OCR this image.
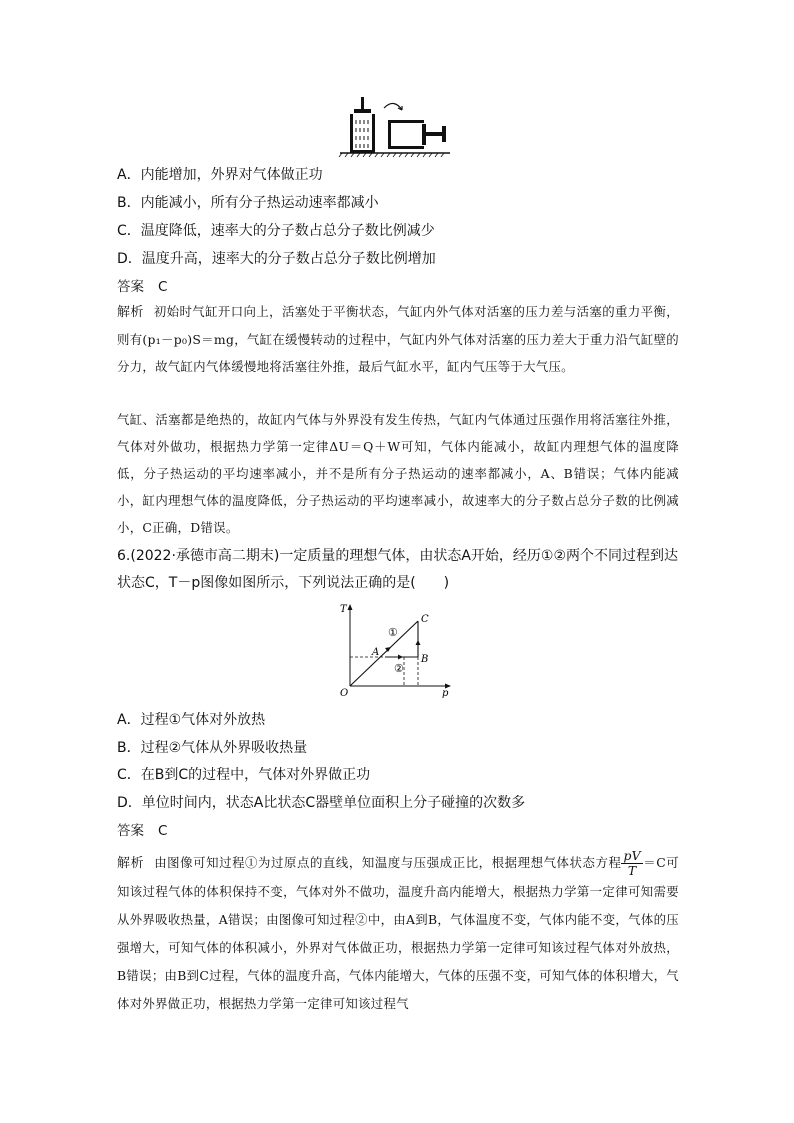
A．内能增加，外界对气体做正功
B．内能减小，所有分子热运动速率都减小
C．温度降低，速率大的分子数占总分子数比例减少
D．温度升高，速率大的分子数占总分子数比例增加
答案 C
解析 初始时气缸开口向上，活塞处于平衡状态，气缸内外气体对活塞的压力差与活塞的重力平衡，则有(p₁－p₀)S＝mg，气缸在缓慢转动的过程中，气缸内外气体对活塞的压力差大于重力沿气缸壁的分力，故气缸内气体缓慢地将活塞往外推，最后气缸水平，缸内气压等于大气压。
气缸、活塞都是绝热的，故缸内气体与外界没有发生传热，气缸内气体通过压强作用将活塞往外推，气体对外做功，根据热力学第一定律ΔU＝Q＋W可知，气体内能减小，故缸内理想气体的温度降低，分子热运动的平均速率减小，并不是所有分子热运动的速率都减小，A、B错误；气体内能减小，缸内理想气体的温度降低，分子热运动的平均速率减小，故速率大的分子数占总分子数的比例减小，C正确，D错误。
6.(2022·承德市高二期末)一定质量的理想气体，由状态A开始，经历①②两个不同过程到达状态C，T－p图像如图所示，下列说法正确的是(　　)
T
p
O
A
B
C
①
②
A．过程①气体对外放热
B．过程②气体从外界吸收热量
C．在B到C的过程中，气体对外界做正功
D．单位时间内，状态A比状态C器壁单位面积上分子碰撞的次数多
答案 C
解析 由图像可知过程①为过原点的直线，知温度与压强成正比，根据理想气体状态方程 $\frac{pV}{T} =C$可知该过程气体的体积保持不变，气体对外不做功，温度升高内能增大，根据热力学第一定律可知需要从外界吸收热量，A错误；由图像可知过程②中，由A到B，气体温度不变，气体内能不变，气体的压强增大，可知气体的体积减小，外界对气体做正功，根据热力学第一定律可知该过程气体对外放热，B错误；由B到C过程，气体的温度升高，气体内能增大，气体的压强不变，可知气体的体积增大，气体对外界做正功，根据热力学第一定律可知该过程气
